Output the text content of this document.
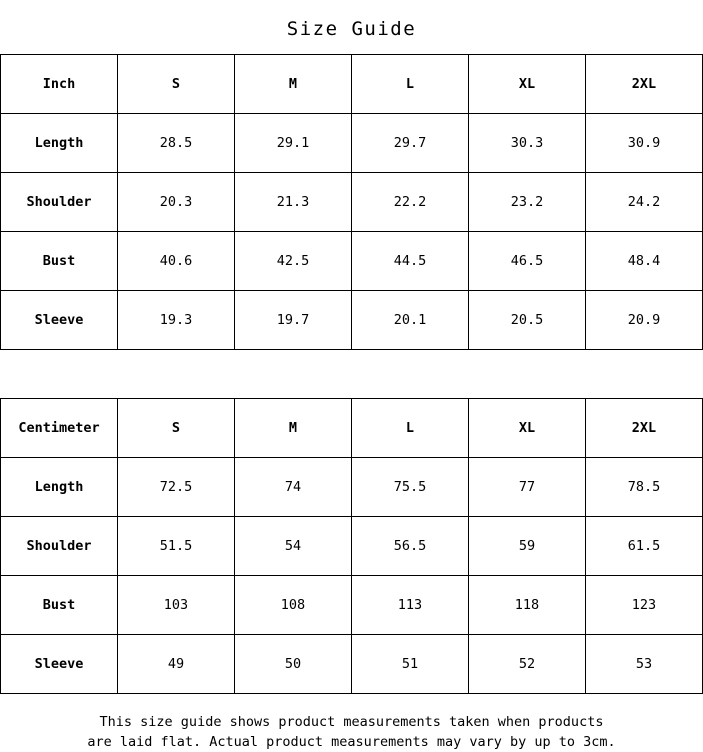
Size Guide
Inch	S	M	L	XL	2XL
Length	28.5	29.1	29.7	30.3	30.9
Shoulder	20.3	21.3	22.2	23.2	24.2
Bust	40.6	42.5	44.5	46.5	48.4
Sleeve	19.3	19.7	20.1	20.5	20.9
Centimeter	S	M	L	XL	2XL
Length	72.5	74	75.5	77	78.5
Shoulder	51.5	54	56.5	59	61.5
Bust	103	108	113	118	123
Sleeve	49	50	51	52	53
This size guide shows product measurements taken when products
are laid flat. Actual product measurements may vary by up to 3cm.
